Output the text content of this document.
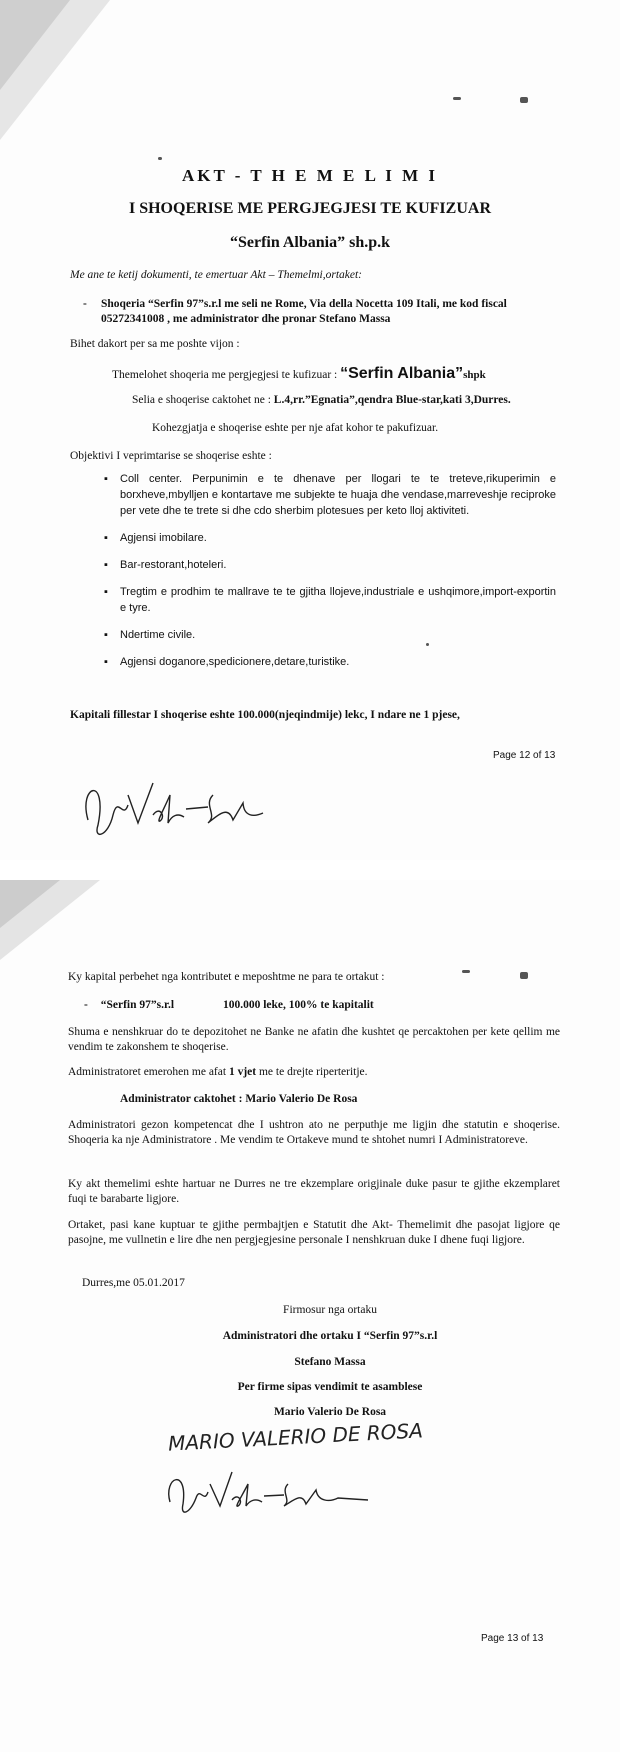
AKT - T H E M E L I M I
I SHOQERISE ME PERGJEGJESI TE KUFIZUAR
“Serfin Albania” sh.p.k
Me ane te ketij dokumenti, te emertuar Akt – Themelmi,ortaket:
-	Shoqeria “Serfin 97”s.r.l me seli ne Rome, Via della Nocetta 109 Itali, me kod fiscal
05272341008 , me administrator dhe pronar Stefano Massa
Bihet dakort per sa me poshte vijon :
Themelohet shoqeria me pergjegjesi te kufizuar : “Serfin Albania”shpk
Selia e shoqerise caktohet ne : L.4,rr.”Egnatia”,qendra Blue-star,kati 3,Durres.
Kohezgjatja e shoqerise eshte per nje afat kohor te pakufizuar.
Objektivi I veprimtarise se shoqerise eshte :
▪ Coll center. Perpunimin e te dhenave per llogari te te treteve,rikuperimin e borxheve,mbylljen e kontartave me subjekte te huaja dhe vendase,marreveshje reciproke per vete dhe te trete si dhe cdo sherbim plotesues per keto lloj aktiviteti.
▪ Agjensi imobilare.
▪ Bar-restorant,hoteleri.
▪ Tregtim e prodhim te mallrave te te gjitha llojeve,industriale e ushqimore,import-exportin e tyre.
▪ Ndertime civile.
▪ Agjensi doganore,spedicionere,detare,turistike.
Kapitali fillestar I shoqerise eshte 100.000(njeqindmije) lekc, I ndare ne 1 pjese,
Page 12 of 13
Ky kapital perbehet nga kontributet e meposhtme ne para te ortakut :
- “Serfin 97”s.r.l	100.000 leke, 100% te kapitalit
Shuma e nenshkruar do te depozitohet ne Banke ne afatin dhe kushtet qe percaktohen per kete qellim me vendim te zakonshem te shoqerise.
Administratoret emerohen me afat 1 vjet me te drejte riperteritje.
Administrator caktohet : Mario Valerio De Rosa
Administratori gezon kompetencat dhe I ushtron ato ne perputhje me ligjin dhe statutin e shoqerise. Shoqeria ka nje Administratore . Me vendim te Ortakeve mund te shtohet numri I Administratoreve.
Ky akt themelimi eshte hartuar ne Durres ne tre ekzemplare origjinale duke pasur te gjithe ekzemplaret fuqi te barabarte ligjore.
Ortaket, pasi kane kuptuar te gjithe permbajtjen e Statutit dhe Akt- Themelimit dhe pasojat ligjore qe pasojne, me vullnetin e lire dhe nen pergjegjesine personale I nenshkruan duke I dhene fuqi ligjore.
Durres,me 05.01.2017
Firmosur nga ortaku
Administratori dhe ortaku I “Serfin 97”s.r.l
Stefano Massa
Per firme sipas vendimit te asamblese
Mario Valerio De Rosa
MARIO VALERIO DE ROSA
Page 13 of 13
